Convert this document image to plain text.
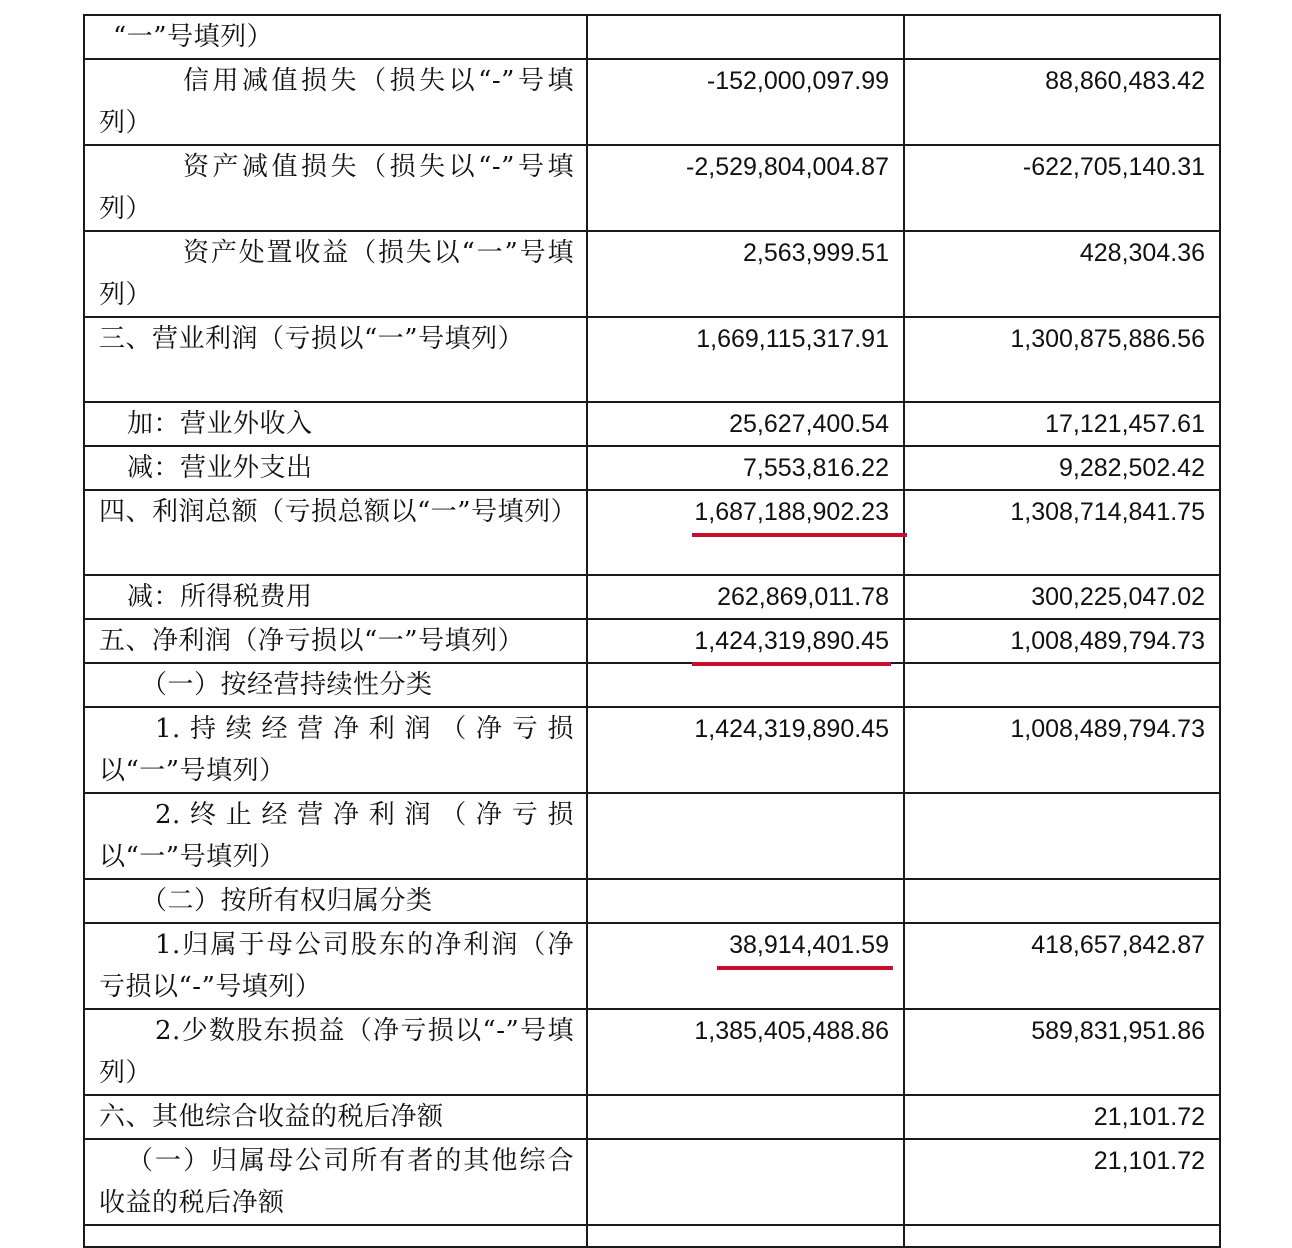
“一”号填列）		
信用减值损失（损失以“-”号填列）	-152,000,097.99	88,860,483.42
资产减值损失（损失以“-”号填列）	-2,529,804,004.87	-622,705,140.31
资产处置收益（损失以“一”号填列）	2,563,999.51	428,304.36
三、营业利润（亏损以“一”号填列）	1,669,115,317.91	1,300,875,886.56
加：营业外收入	25,627,400.54	17,121,457.61
减：营业外支出	7,553,816.22	9,282,502.42
四、利润总额（亏损总额以“一”号填列）	1,687,188,902.23	1,308,714,841.75
减：所得税费用	262,869,011.78	300,225,047.02
五、净利润（净亏损以“一”号填列）	1,424,319,890.45	1,008,489,794.73
（一）按经营持续性分类		
1.持续经营净利润（净亏损以“一”号填列）	1,424,319,890.45	1,008,489,794.73
2.终止经营净利润（净亏损以“一”号填列）		
（二）按所有权归属分类		
1.归属于母公司股东的净利润（净亏损以“-”号填列）	38,914,401.59	418,657,842.87
2.少数股东损益（净亏损以“-”号填列）	1,385,405,488.86	589,831,951.86
六、其他综合收益的税后净额		21,101.72
（一）归属母公司所有者的其他综合收益的税后净额		21,101.72
